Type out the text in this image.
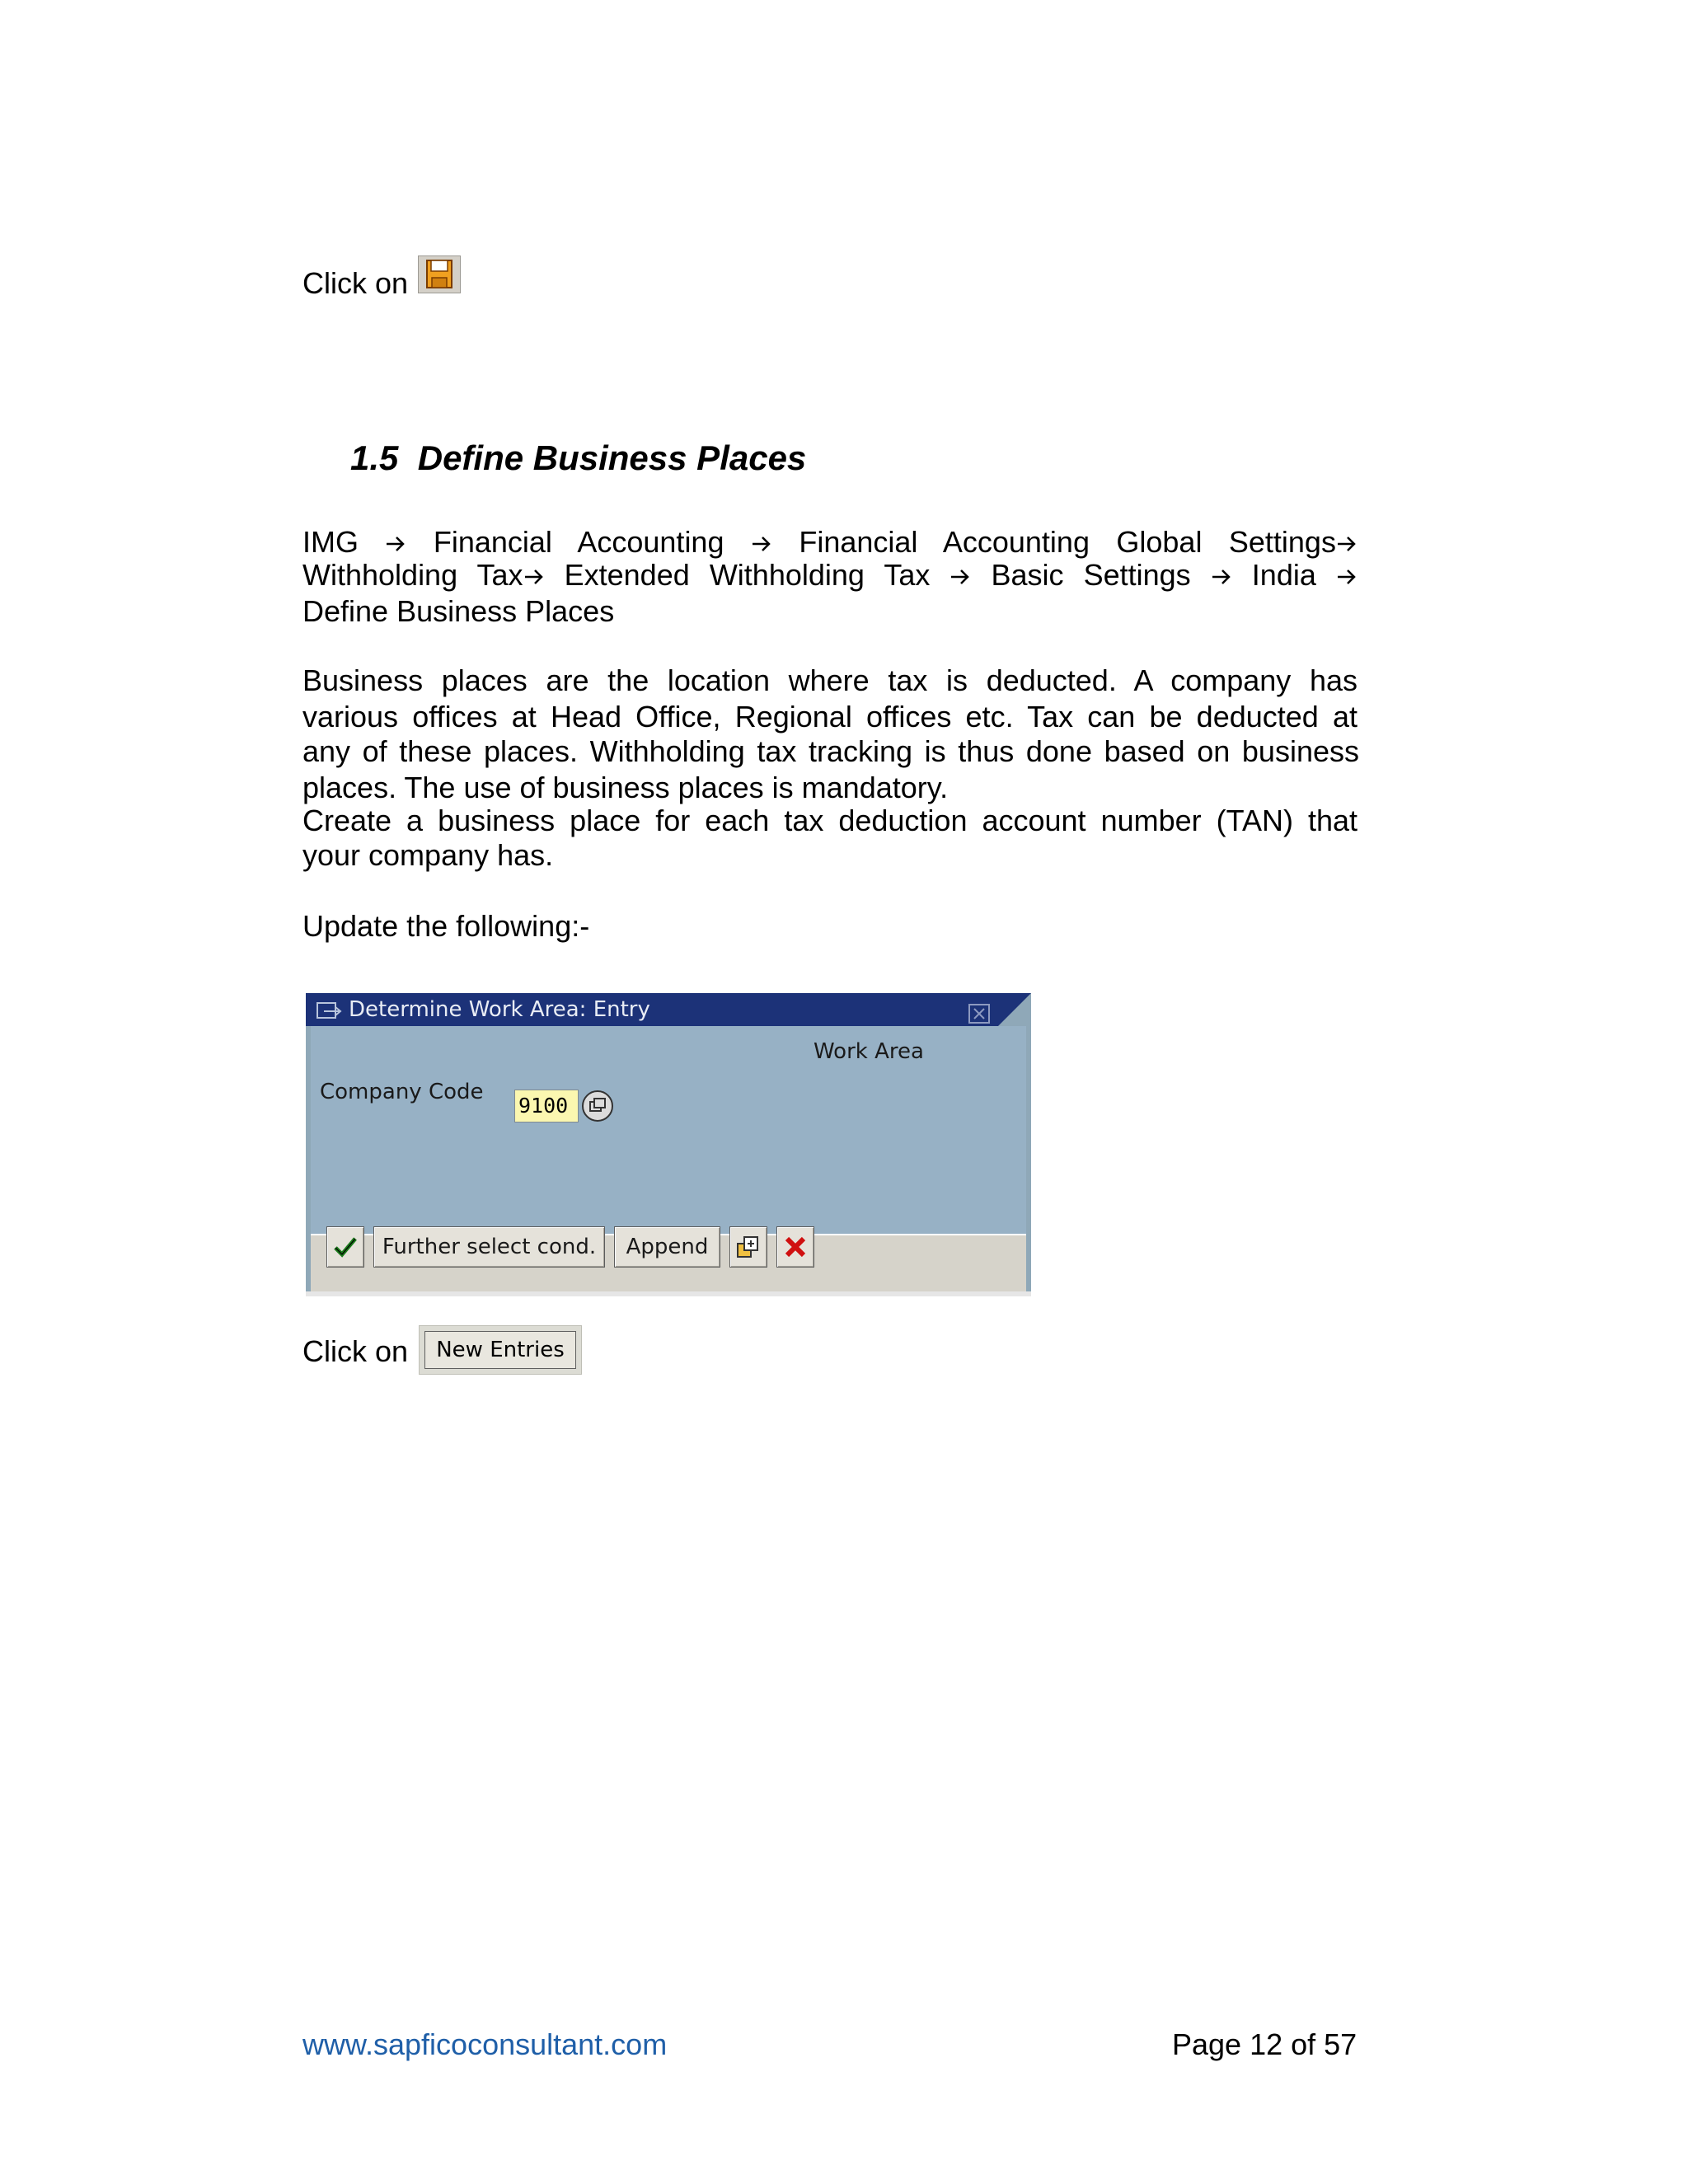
Click on
1.5 Define Business Places
IMG	Financial Accounting	Financial Accounting Global Settings
Withholding Tax Extended Withholding Tax Basic Settings India
Define Business Places
Business places are the location where tax is deducted. A company has
various offices at Head Office, Regional offices etc. Tax can be deducted at
any of these places. Withholding tax tracking is thus done based on business
places. The use of business places is mandatory.
Create a business place for each tax deduction account number (TAN) that
your company has.
Update the following:-
Determine Work Area: Entry
Work Area
Company Code
9100
Further select cond.	Append
Click on	New Entries
www.sapficoconsultant.com	Page 12 of 57
